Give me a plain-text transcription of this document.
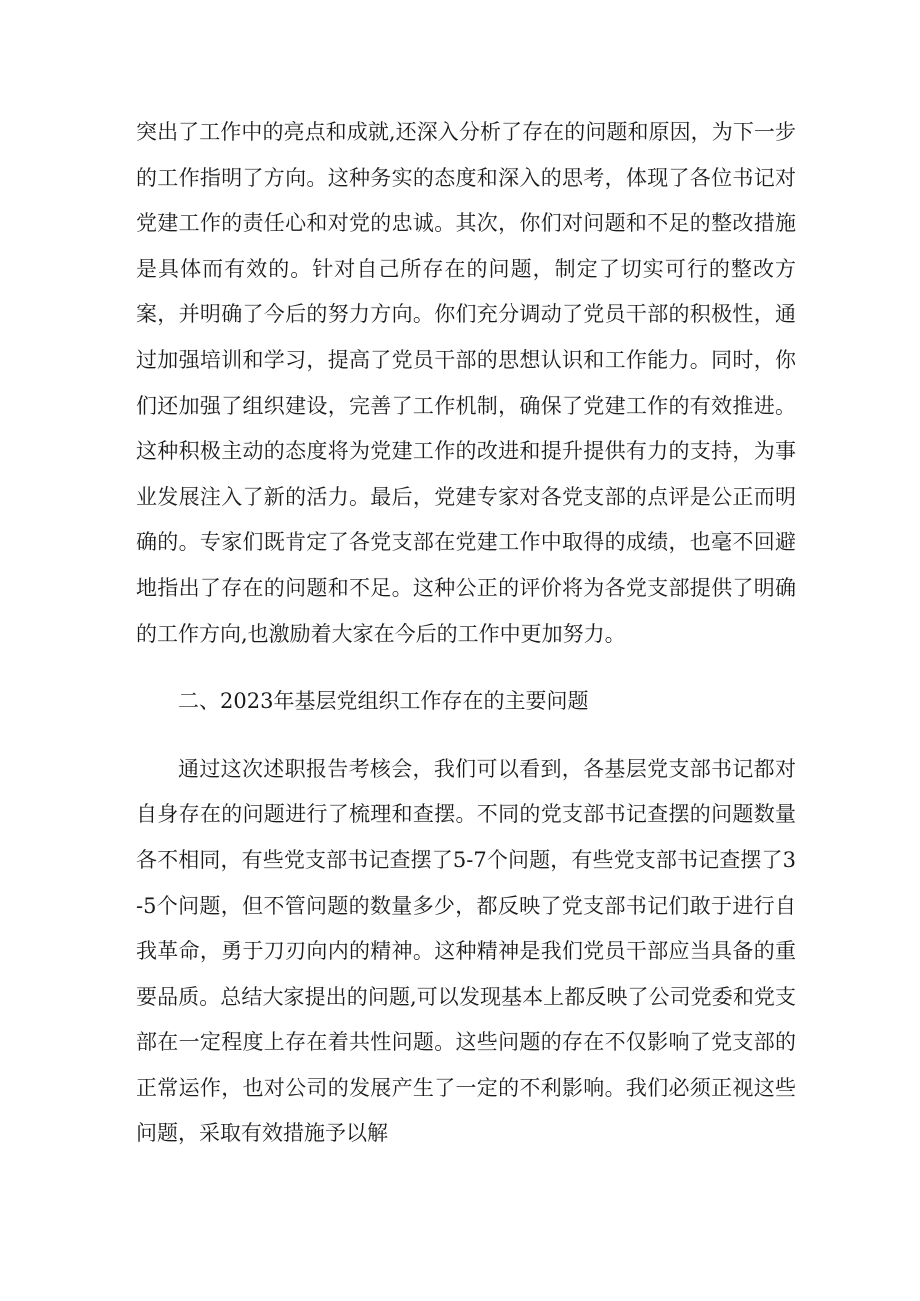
突出了工作中的亮点和成就,还深入分析了存在的问题和原因，为下一步的工作指明了方向。这种务实的态度和深入的思考，体现了各位书记对党建工作的责任心和对党的忠诚。其次，你们对问题和不足的整改措施是具体而有效的。针对自己所存在的问题，制定了切实可行的整改方案，并明确了今后的努力方向。你们充分调动了党员干部的积极性，通过加强培训和学习，提高了党员干部的思想认识和工作能力。同时，你们还加强了组织建设，完善了工作机制，确保了党建工作的有效推进。这种积极主动的态度将为党建工作的改进和提升提供有力的支持，为事业发展注入了新的活力。最后，党建专家对各党支部的点评是公正而明确的。专家们既肯定了各党支部在党建工作中取得的成绩，也毫不回避地指出了存在的问题和不足。这种公正的评价将为各党支部提供了明确的工作方向,也激励着大家在今后的工作中更加努力。

二、2023年基层党组织工作存在的主要问题

通过这次述职报告考核会，我们可以看到，各基层党支部书记都对自身存在的问题进行了梳理和查摆。不同的党支部书记查摆的问题数量各不相同，有些党支部书记查摆了5-7个问题，有些党支部书记查摆了3-5个问题，但不管问题的数量多少，都反映了党支部书记们敢于进行自我革命，勇于刀刃向内的精神。这种精神是我们党员干部应当具备的重要品质。总结大家提出的问题,可以发现基本上都反映了公司党委和党支部在一定程度上存在着共性问题。这些问题的存在不仅影响了党支部的正常运作，也对公司的发展产生了一定的不利影响。我们必须正视这些问题，采取有效措施予以解
